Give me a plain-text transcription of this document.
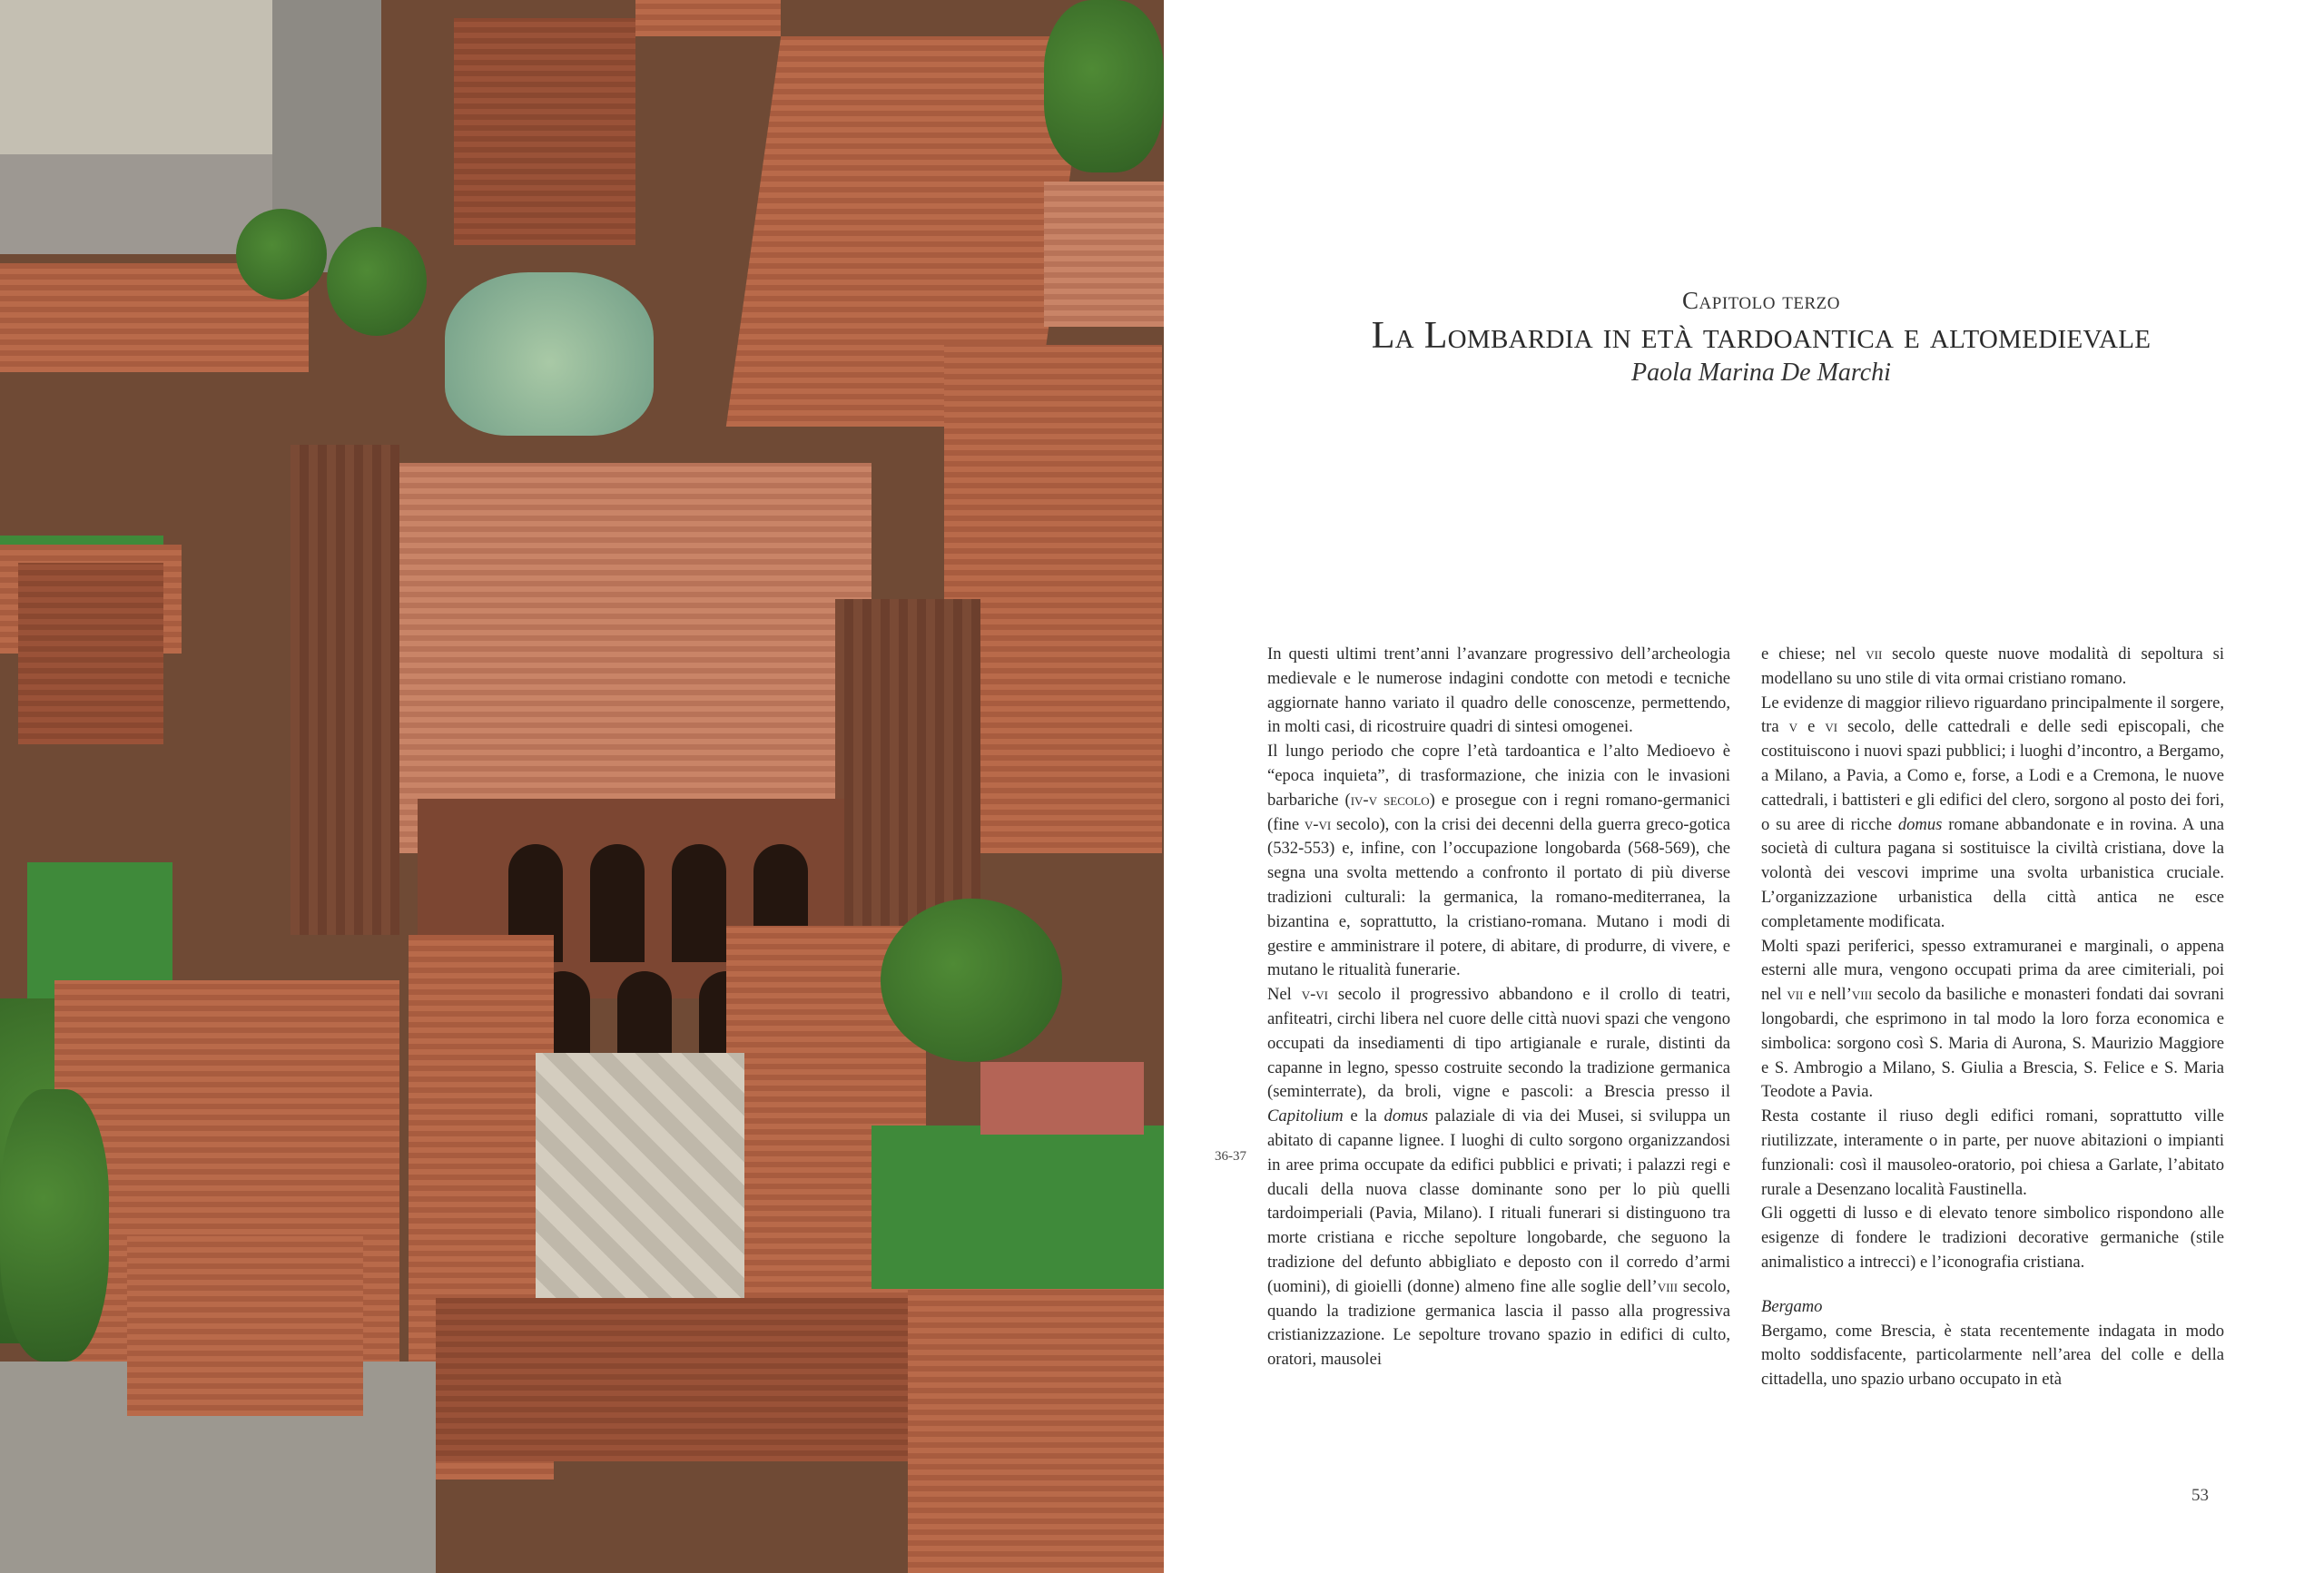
Capitolo terzo
La Lombardia in età tardoantica e altomedievale
Paola Marina De Marchi

In questi ultimi trent’anni l’avanzare progressivo dell’archeologia medievale e le numerose indagini condotte con metodi e tecniche aggiornate hanno variato il quadro delle conoscenze, permettendo, in molti casi, di ricostruire quadri di sintesi omogenei.

Il lungo periodo che copre l’età tardoantica e l’alto Medioevo è “epoca inquieta”, di trasformazione, che inizia con le invasioni barbariche (iv-v secolo) e prosegue con i regni romano-germanici (fine v-vi secolo), con la crisi dei decenni della guerra greco-gotica (532-553) e, infine, con l’occupazione longobarda (568-569), che segna una svolta mettendo a confronto il portato di più diverse tradizioni culturali: la germanica, la romano-mediterranea, la bizantina e, soprattutto, la cristiano-romana. Mutano i modi di gestire e amministrare il potere, di abitare, di produrre, di vivere, e mutano le ritualità funerarie.

Nel v-vi secolo il progressivo abbandono e il crollo di teatri, anfiteatri, circhi libera nel cuore delle città nuovi spazi che vengono occupati da insediamenti di tipo artigianale e rurale, distinti da capanne in legno, spesso costruite secondo la tradizione germanica (seminterrate), da broli, vigne e pascoli: a Brescia presso il Capitolium e la domus palaziale di via dei Musei, si sviluppa un abitato di capanne lignee. I luoghi di culto sorgono organizzandosi in aree prima occupate da edifici pubblici e privati; i palazzi regi e ducali della nuova classe dominante sono per lo più quelli tardoimperiali (Pavia, Milano). I rituali funerari si distinguono tra morte cristiana e ricche sepolture longobarde, che seguono la tradizione del defunto abbigliato e deposto con il corredo d’armi (uomini), di gioielli (donne) almeno fine alle soglie dell’viii secolo, quando la tradizione germanica lascia il passo alla progressiva cristianizzazione. Le sepolture trovano spazio in edifici di culto, oratori, mausolei

e chiese; nel vii secolo queste nuove modalità di sepoltura si modellano su uno stile di vita ormai cristiano romano.

Le evidenze di maggior rilievo riguardano principalmente il sorgere, tra v e vi secolo, delle cattedrali e delle sedi episcopali, che costituiscono i nuovi spazi pubblici; i luoghi d’incontro, a Bergamo, a Milano, a Pavia, a Como e, forse, a Lodi e a Cremona, le nuove cattedrali, i battisteri e gli edifici del clero, sorgono al posto dei fori, o su aree di ricche domus romane abbandonate e in rovina. A una società di cultura pagana si sostituisce la civiltà cristiana, dove la volontà dei vescovi imprime una svolta urbanistica cruciale. L’organizzazione urbanistica della città antica ne esce completamente modificata.

Molti spazi periferici, spesso extramuranei e marginali, o appena esterni alle mura, vengono occupati prima da aree cimiteriali, poi nel vii e nell’viii secolo da basiliche e monasteri fondati dai sovrani longobardi, che esprimono in tal modo la loro forza economica e simbolica: sorgono così S. Maria di Aurona, S. Maurizio Maggiore e S. Ambrogio a Milano, S. Giulia a Brescia, S. Felice e S. Maria Teodote a Pavia.

Resta costante il riuso degli edifici romani, soprattutto ville riutilizzate, interamente o in parte, per nuove abitazioni o impianti funzionali: così il mausoleo-oratorio, poi chiesa a Garlate, l’abitato rurale a Desenzano località Faustinella.

Gli oggetti di lusso e di elevato tenore simbolico rispondono alle esigenze di fondere le tradizioni decorative germaniche (stile animalistico a intrecci) e l’iconografia cristiana.

Bergamo

Bergamo, come Brescia, è stata recentemente indagata in modo molto soddisfacente, particolarmente nell’area del colle e della cittadella, uno spazio urbano occupato in età

36-37
53
